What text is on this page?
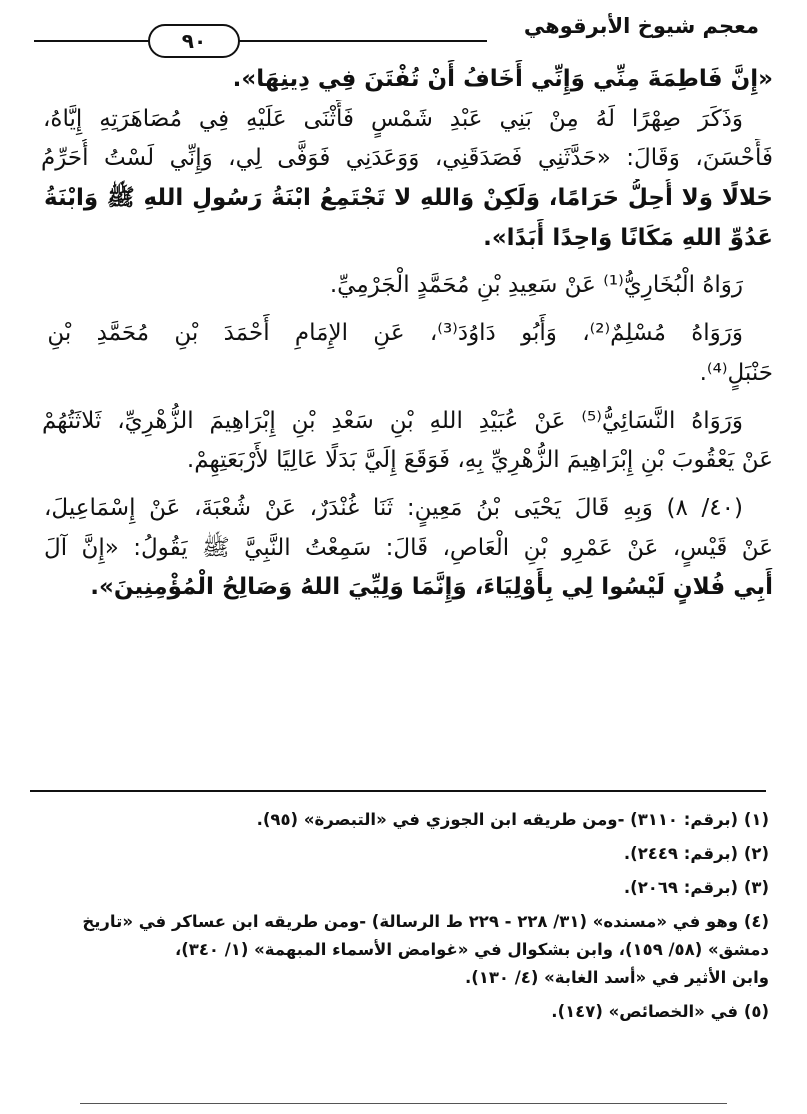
٩٠
معجم شيوخ الأبرقوهي
«إِنَّ فَاطِمَةَ مِنِّي وَإِنِّي أَخَافُ أَنْ تُفْتَنَ فِي دِينِهَا».
وَذَكَرَ صِهْرًا لَهُ مِنْ بَنِي عَبْدِ شَمْسٍ فَأَثْنَى عَلَيْهِ فِي مُصَاهَرَتِهِ إِيَّاهُ،
فَأَحْسَنَ، وَقَالَ: «حَدَّثَنِي فَصَدَقَنِي، وَوَعَدَنِي فَوَفَّى لِي، وَإِنِّي لَسْتُ أُحَرِّمُ
حَلالًا وَلا أُحِلُّ حَرَامًا، وَلَكِنْ وَاللهِ لا تَجْتَمِعُ ابْنَةُ رَسُولِ اللهِ ﷺ وَابْنَةُ
عَدُوِّ اللهِ مَكَانًا وَاحِدًا أَبَدًا».
رَوَاهُ الْبُخَارِيُّ⁽¹⁾ عَنْ سَعِيدِ بْنِ مُحَمَّدٍ الْجَرْمِيِّ.
وَرَوَاهُ مُسْلِمٌ⁽²⁾، وَأَبُو دَاوُدَ⁽³⁾، عَنِ الإِمَامِ أَحْمَدَ بْنِ مُحَمَّدِ بْنِ
حَنْبَلٍ⁽⁴⁾.
وَرَوَاهُ النَّسَائِيُّ⁽⁵⁾ عَنْ عُبَيْدِ اللهِ بْنِ سَعْدِ بْنِ إِبْرَاهِيمَ الزُّهْرِيِّ، ثَلاثَتُهُمْ
عَنْ يَعْقُوبَ بْنِ إِبْرَاهِيمَ الزُّهْرِيِّ بِهِ، فَوَقَعَ إِلَيَّ بَدَلًا عَالِيًا لأَرْبَعَتِهِمْ.
(٤٠/ ٨) وَبِهِ قَالَ يَحْيَى بْنُ مَعِينٍ: ثَنَا غُنْدَرٌ، عَنْ شُعْبَةَ، عَنْ إِسْمَاعِيلَ،
عَنْ قَيْسٍ، عَنْ عَمْرِو بْنِ الْعَاصِ، قَالَ: سَمِعْتُ النَّبِيَّ ﷺ يَقُولُ: «إِنَّ آلَ
أَبِي فُلانٍ لَيْسُوا لِي بِأَوْلِيَاءَ، وَإِنَّمَا وَلِيِّيَ اللهُ وَصَالِحُ الْمُؤْمِنِينَ».
(١) (برقم: ٣١١٠) -ومن طريقه ابن الجوزي في «التبصرة» (٩٥).
(٢) (برقم: ٢٤٤٩).
(٣) (برقم: ٢٠٦٩).
(٤) وهو في «مسنده» (٣١/ ٢٢٨ - ٢٢٩ ط الرسالة) -ومن طريقه ابن عساكر في «تاريخ
دمشق» (٥٨/ ١٥٩)، وابن بشكوال في «غوامض الأسماء المبهمة» (١/ ٣٤٠)،
وابن الأثير في «أسد الغابة» (٤/ ١٣٠).
(٥) في «الخصائص» (١٤٧).
